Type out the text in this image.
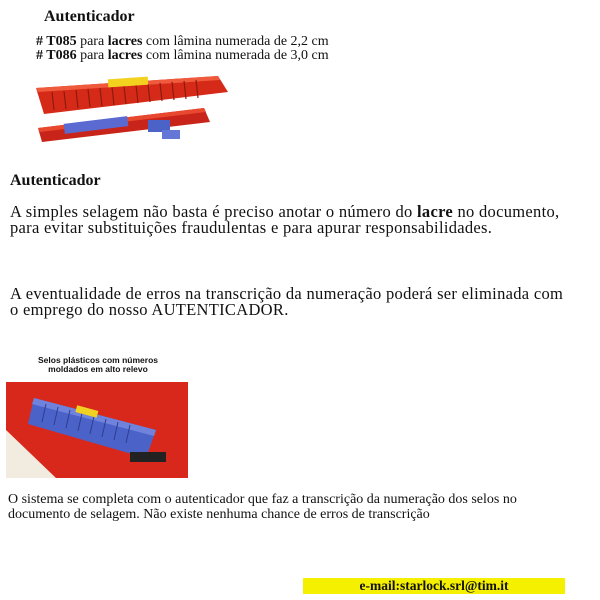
Autenticador
# T085 para lacres com lâmina numerada de 2,2 cm
# T086 para lacres com lâmina numerada de 3,0 cm
Autenticador
A simples selagem não basta é preciso anotar o número do lacre no documento, para evitar substituições fraudulentas e para apurar responsabilidades.
A eventualidade de erros na transcrição da numeração poderá ser eliminada com o emprego do nosso AUTENTICADOR.
Selos plásticos com números moldados em alto relevo
O sistema se completa com o autenticador que faz a transcrição da numeração dos selos no documento de selagem. Não existe nenhuma chance de erros de transcrição
e-mail:starlock.srl@tim.it
